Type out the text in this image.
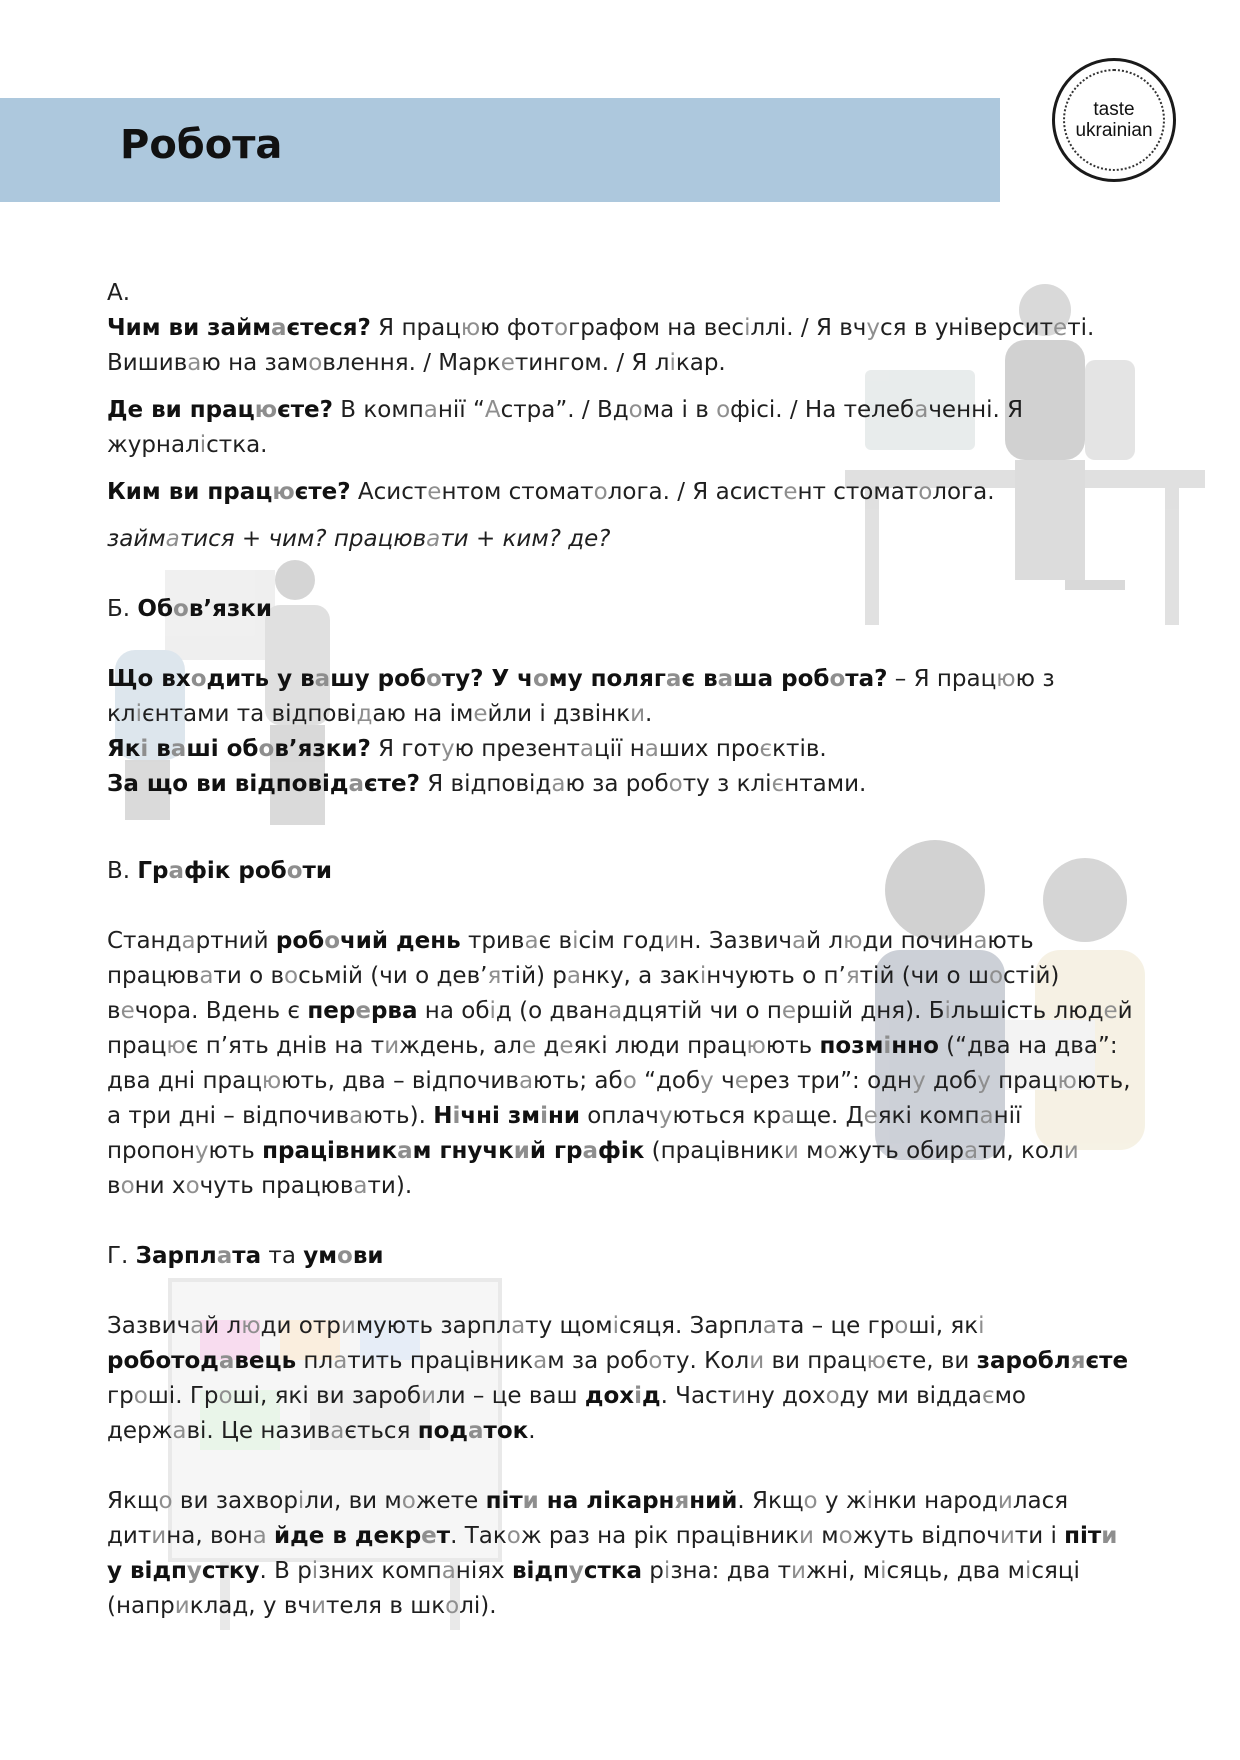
Робота
taste
ukrainian

А.

Чим ви займаєтеся? Я працюю фотографом на весіллі. / Я вчуся в університеті.
Вишиваю на замовлення. / Маркетингом. / Я лікар.

Де ви працюєте? В компанії “Астра”. / Вдома і в офісі. / На телебаченні. Я
журналістка.

Ким ви працюєте? Асистентом стоматолога. / Я асистент стоматолога.

займатися + чим? працювати + ким? де?

Б. Обов’язки

Що входить у вашу роботу? У чому полягає ваша робота? – Я працюю з
клієнтами та відповідаю на імейли і дзвінки.

Які ваші обов’язки? Я готую презентації наших проєктів.

За що ви відповідаєте? Я відповідаю за роботу з клієнтами.

В. Графік роботи

Стандартний робочий день триває вісім годин. Зазвичай люди починають
працювати о восьмій (чи о дев’ятій) ранку, а закінчують о п’ятій (чи о шостій)
вечора. Вдень є перерва на обід (о дванадцятій чи о першій дня). Більшість людей
працює п’ять днів на тиждень, але деякі люди працюють позмінно (“два на два”:
два дні працюють, два – відпочивають; або “добу через три”: одну добу працюють,
а три дні – відпочивають). Нічні зміни оплачуються краще. Деякі компанії
пропонують працівникам гнучкий графік (працівники можуть обирати, коли
вони хочуть працювати).

Г. Зарплата та умови

Зазвичай люди отримують зарплату щомісяця. Зарплата – це гроші, які
роботодавець платить працівникам за роботу. Коли ви працюєте, ви заробляєте
гроші. Гроші, які ви заробили – це ваш дохід. Частину доходу ми віддаємо
державі. Це називається податок.

Якщо ви захворіли, ви можете піти на лікарняний. Якщо у жінки народилася
дитина, вона йде в декрет. Також раз на рік працівники можуть відпочити і піти
у відпустку. В різних компаніях відпустка різна: два тижні, місяць, два місяці
(наприклад, у вчителя в школі).
